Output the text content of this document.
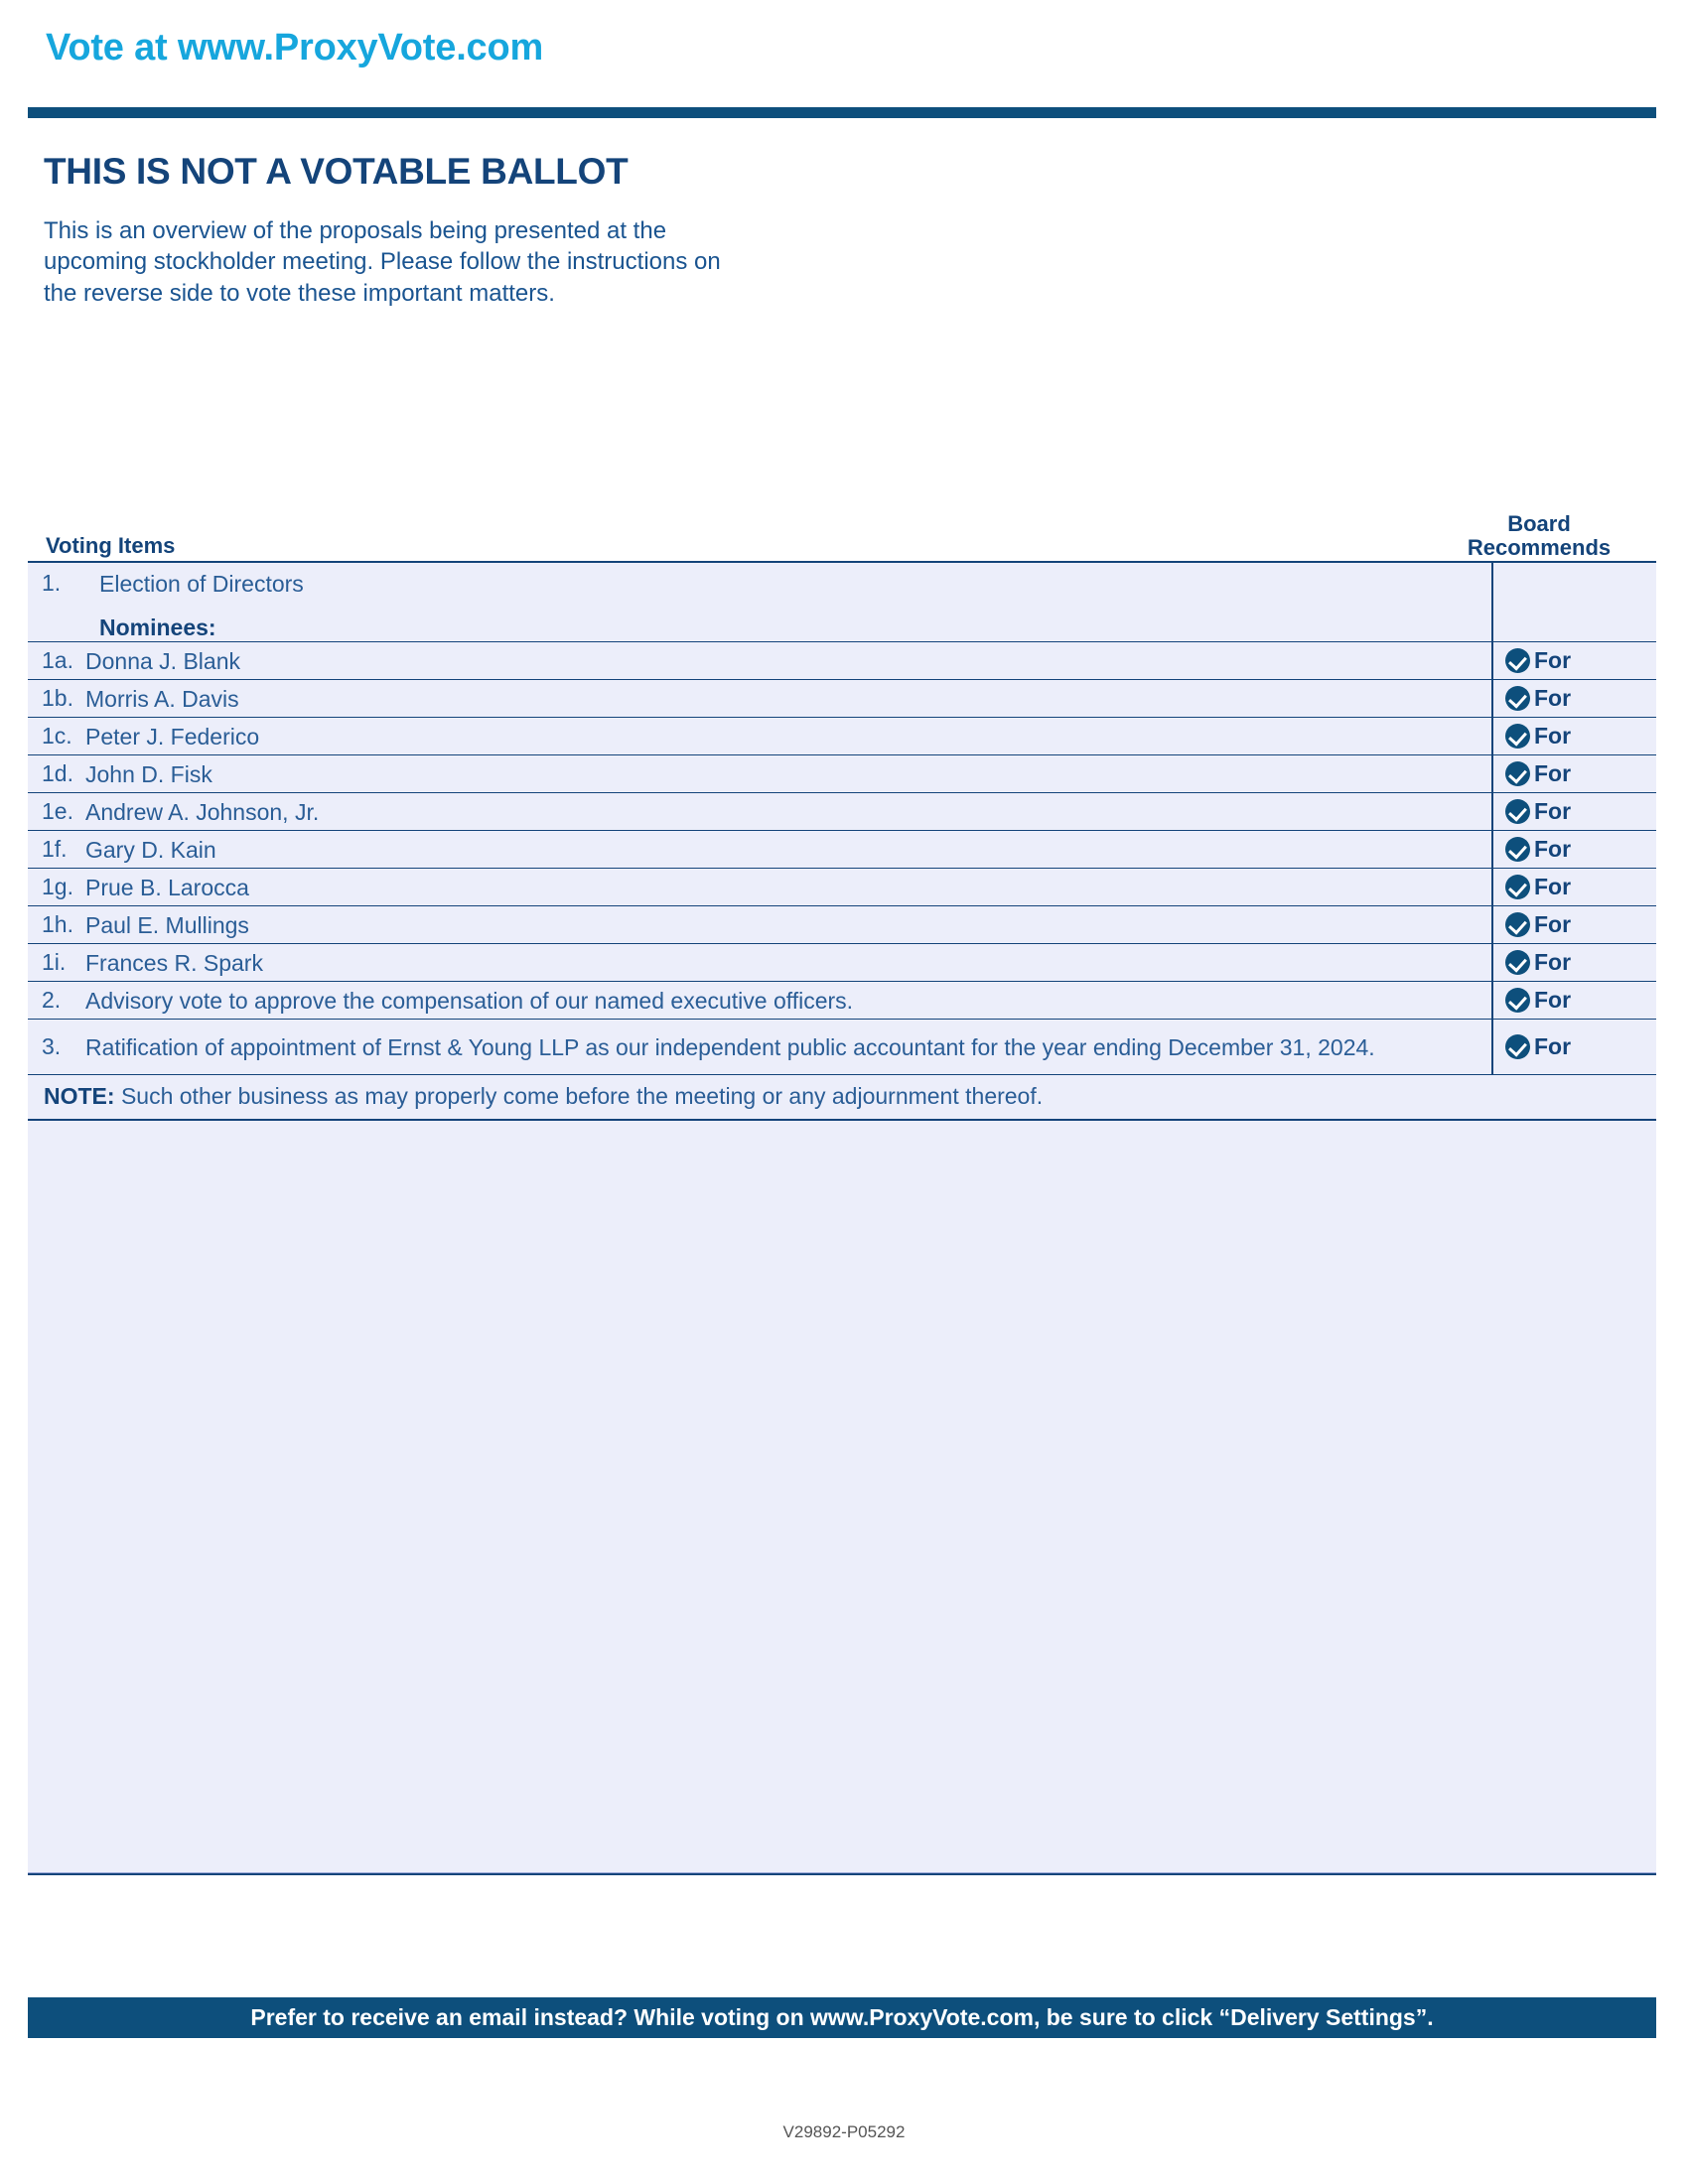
Vote at www.ProxyVote.com
THIS IS NOT A VOTABLE BALLOT
This is an overview of the proposals being presented at the
upcoming stockholder meeting. Please follow the instructions on
the reverse side to vote these important matters.
Voting Items
Board
Recommends
1. Election of Directors
Nominees:
1a. Donna J. Blank	For
1b. Morris A. Davis	For
1c. Peter J. Federico	For
1d. John D. Fisk	For
1e. Andrew A. Johnson, Jr.	For
1f. Gary D. Kain	For
1g. Prue B. Larocca	For
1h. Paul E. Mullings	For
1i. Frances R. Spark	For
2.	Advisory vote to approve the compensation of our named executive officers.	For
3.	Ratification of appointment of Ernst & Young LLP as our independent public accountant for the year ending December 31, 2024.	For
NOTE: Such other business as may properly come before the meeting or any adjournment thereof.
Prefer to receive an email instead? While voting on www.ProxyVote.com, be sure to click “Delivery Settings”.
V29892-P05292
